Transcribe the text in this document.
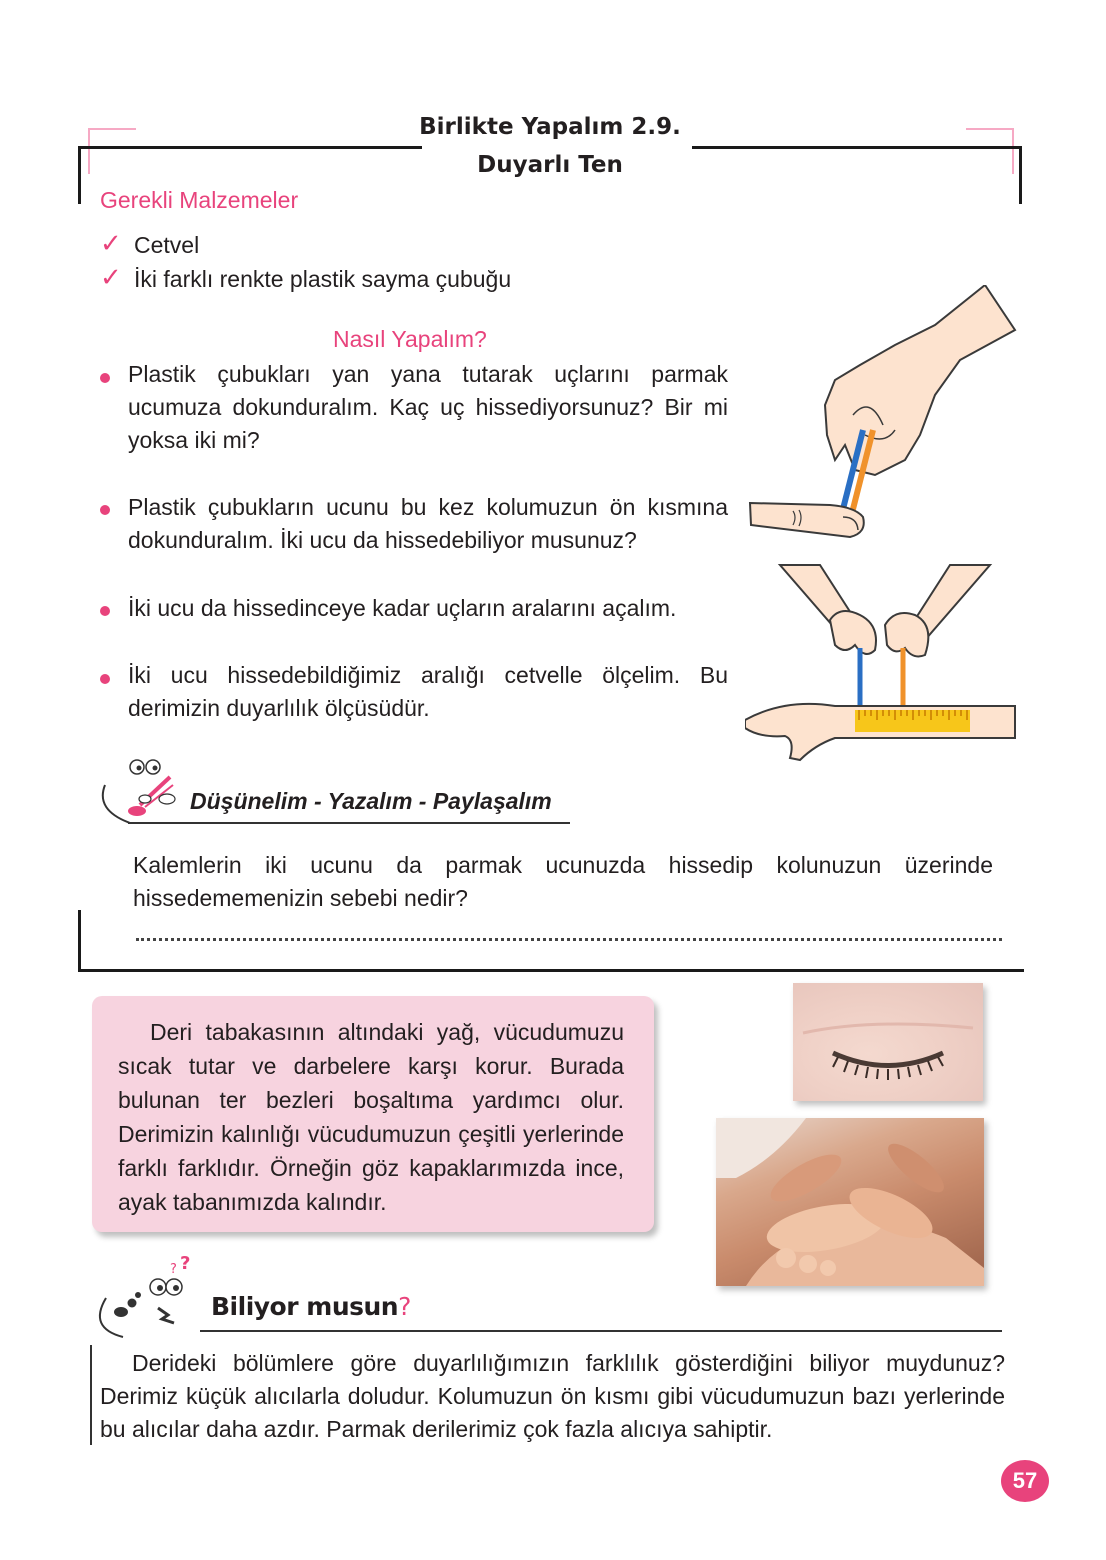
Birlikte Yapalım 2.9.
Duyarlı Ten
Gerekli Malzemeler
✓ Cetvel
✓ İki farklı renkte plastik sayma çubuğu
Nasıl Yapalım?
Plastik çubukları yan yana tutarak uçlarını parmak ucumuza dokunduralım. Kaç uç hissediyorsunuz? Bir mi yoksa iki mi?
Plastik çubukların ucunu bu kez kolumuzun ön kısmına dokunduralım. İki ucu da hissedebiliyor musunuz?
İki ucu da hissedinceye kadar uçların aralarını açalım.
İki ucu hissedebildiğimiz aralığı cetvelle ölçelim. Bu derimizin duyarlılık ölçüsüdür.
Düşünelim - Yazalım - Paylaşalım
Kalemlerin iki ucunu da parmak ucunuzda hissedip kolunuzun üzerinde hissedememenizin sebebi nedir?
Deri tabakasının altındaki yağ, vücudumuzu sıcak tutar ve darbelere karşı korur. Burada bulunan ter bezleri boşaltıma yardımcı olur. Derimizin kalınlığı vücudumuzun çeşitli yerlerinde farklı farklıdır. Örneğin göz kapaklarımızda ince, ayak tabanımızda kalındır.
?
?
Biliyor musun?
Derideki bölümlere göre duyarlılığımızın farklılık gösterdiğini biliyor muydunuz? Derimiz küçük alıcılarla doludur. Kolumuzun ön kısmı gibi vücudumuzun bazı yerlerinde bu alıcılar daha azdır. Parmak derilerimiz çok fazla alıcıya sahiptir.
57
